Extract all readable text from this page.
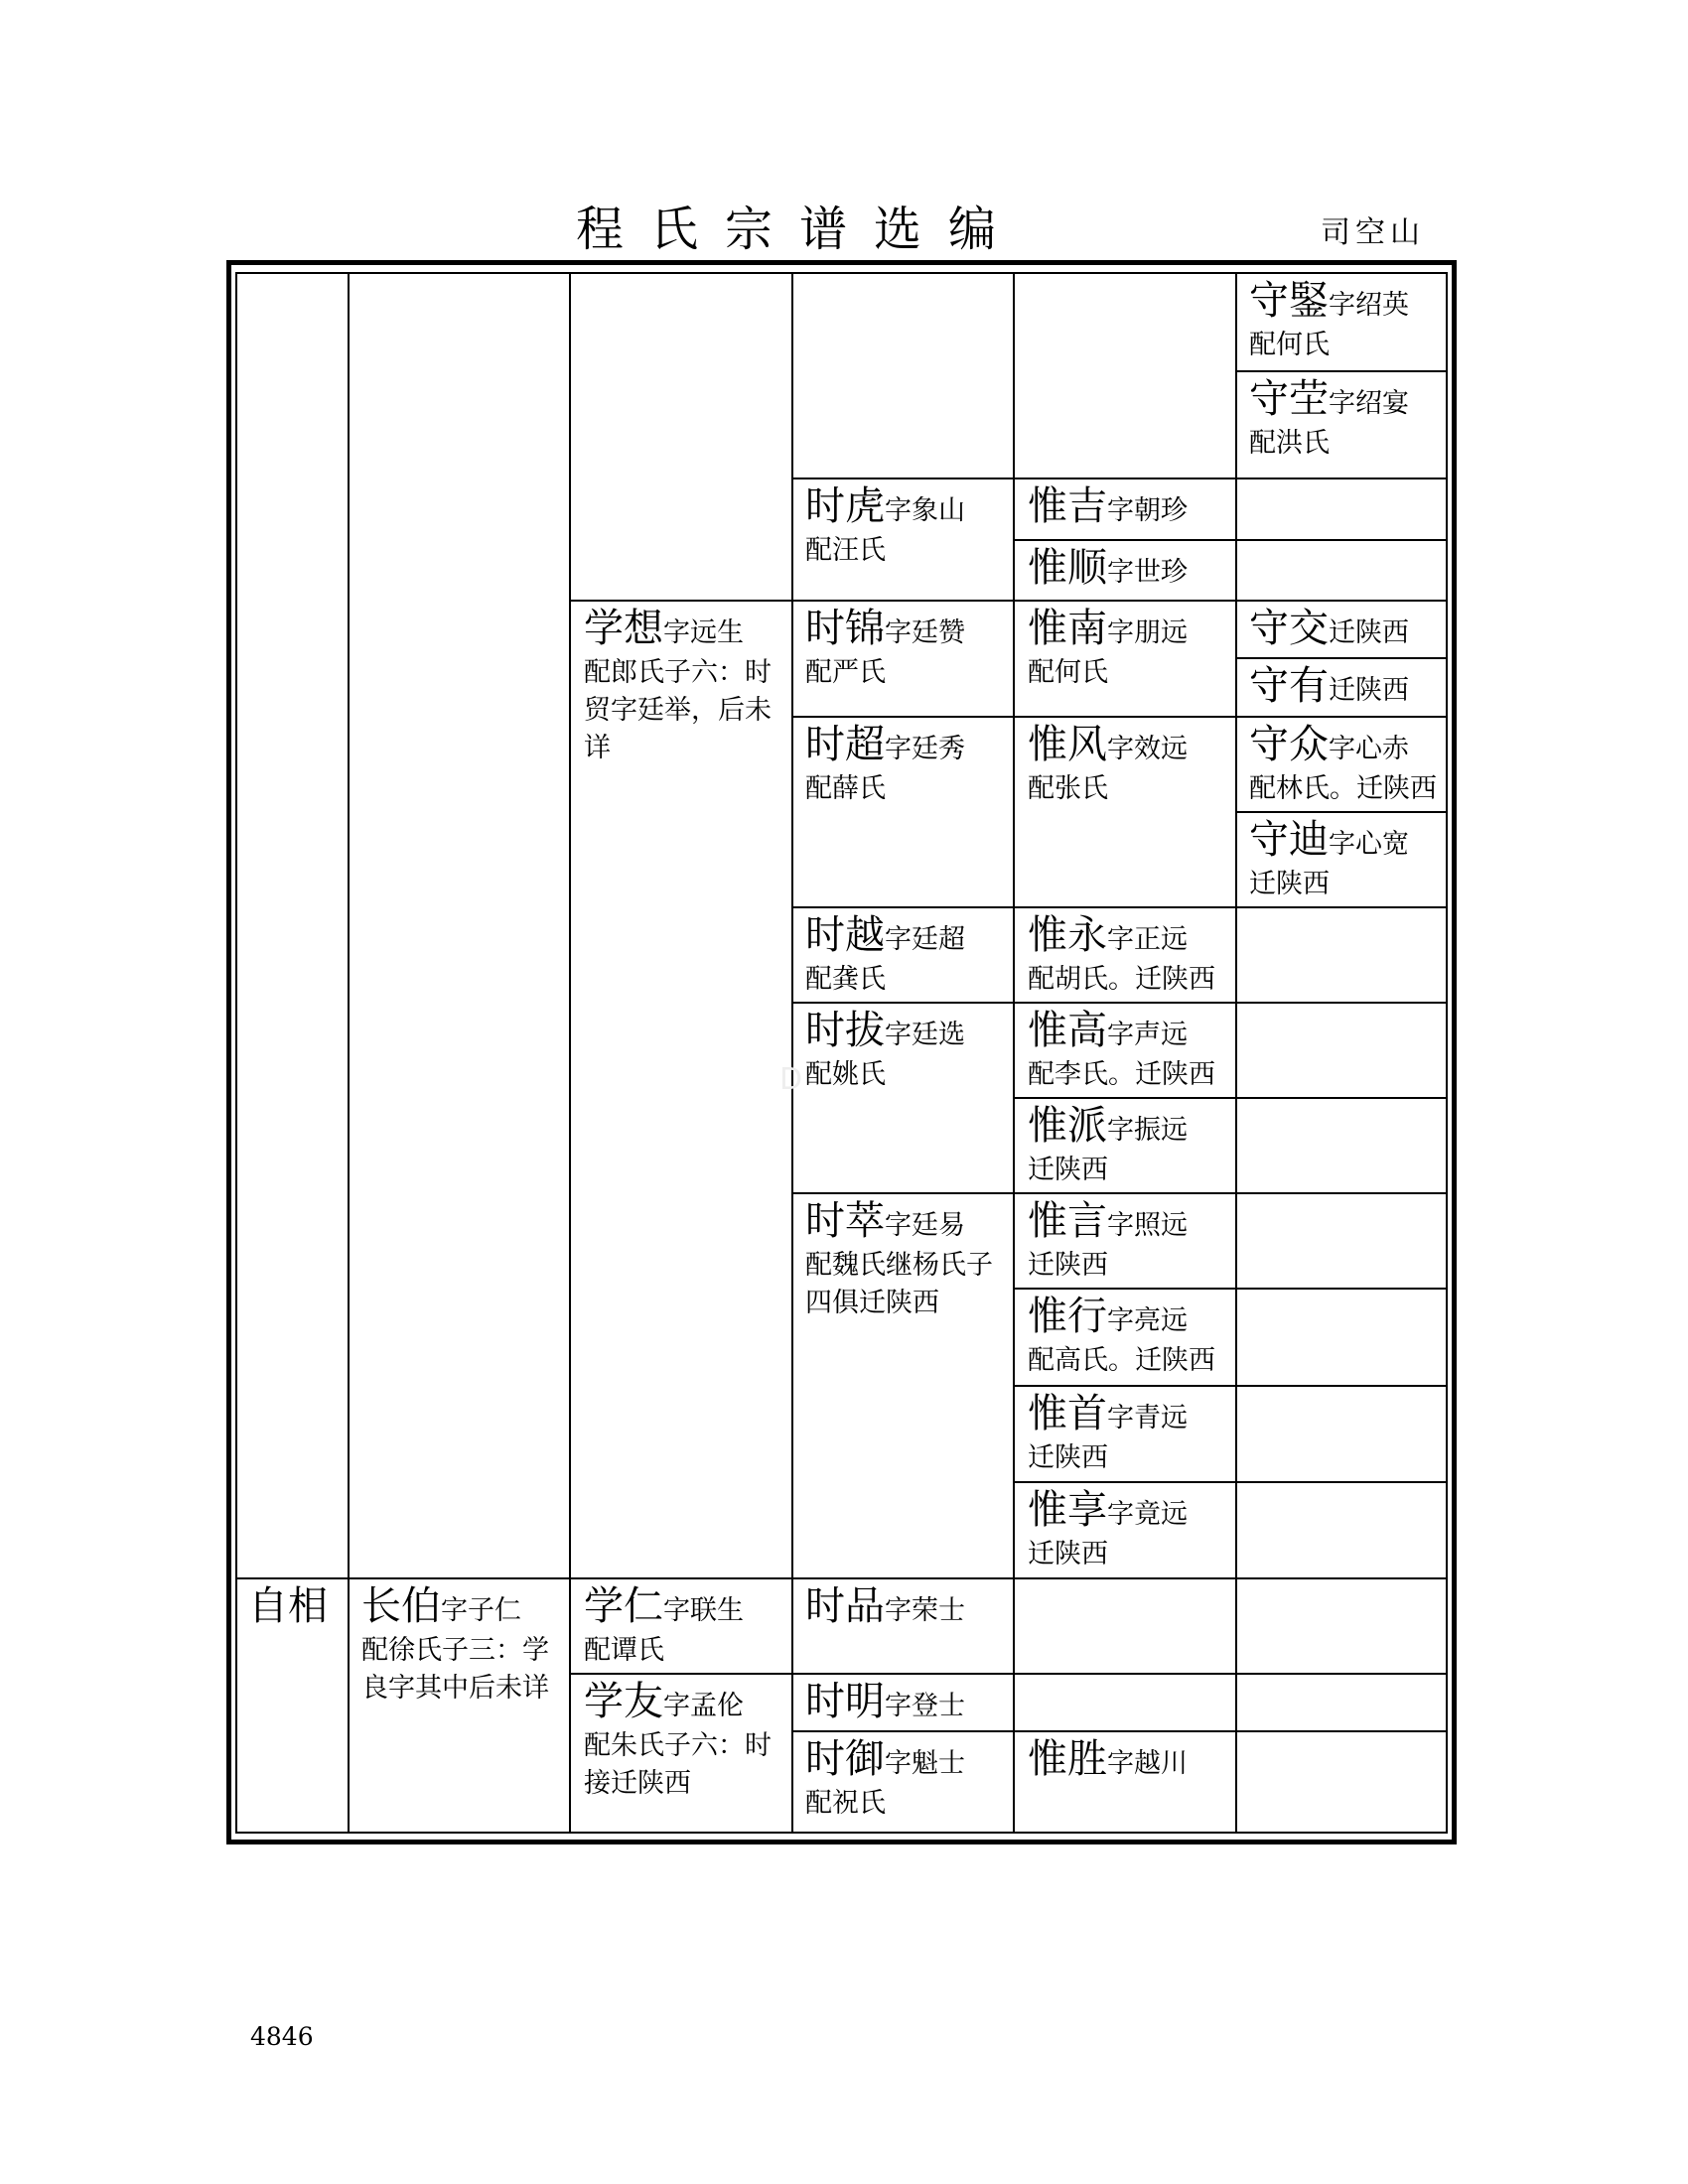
程氏宗谱选编	司空山
自相 长伯字子仁
配徐氏子三：学良字其中后未详
学想字远生
配郎氏子六：时贸字廷举，后未详
学仁字联生
配谭氏
学友字孟伦
配朱氏子六：时接迁陕西
时虎字象山
配汪氏
时锦字廷赞
配严氏
时超字廷秀
配薛氏
时越字廷超
配龚氏
时拔字廷选
配姚氏
时萃字廷易
配魏氏继杨氏子四俱迁陕西
时品字荣士
时明字登士
时御字魁士
配祝氏
惟吉字朝珍
惟顺字世珍
惟南字朋远
配何氏
惟风字效远
配张氏
惟永字正远
配胡氏。迁陕西
惟高字声远
配李氏。迁陕西
惟派字振远
迁陕西
惟言字照远
迁陕西
惟行字亮远
配高氏。迁陕西
惟首字青远
迁陕西
惟享字竟远
迁陕西
惟胜字越川
守鋻字绍英
配何氏
守茔字绍宴
配洪氏
守交迁陕西
守有迁陕西
守众字心赤
配林氏。迁陕西
守迪字心宽
迁陕西
D
4846
